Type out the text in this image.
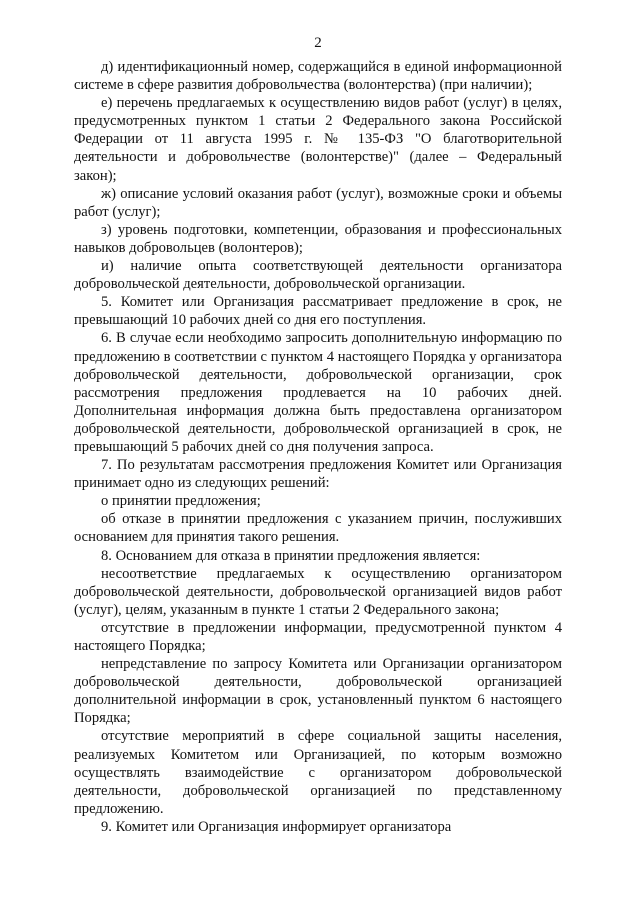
2

д) идентификационный номер, содержащийся в единой информационной системе в сфере развития добровольчества (волонтерства) (при наличии);

е) перечень предлагаемых к осуществлению видов работ (услуг) в целях, предусмотренных пунктом 1 статьи 2 Федерального закона Российской Федерации от 11 августа 1995 г. № 135-ФЗ "О благотворительной деятельности и добровольчестве (волонтерстве)" (далее – Федеральный закон);

ж) описание условий оказания работ (услуг), возможные сроки и объемы работ (услуг);

з) уровень подготовки, компетенции, образования и профессиональных навыков добровольцев (волонтеров);

и) наличие опыта соответствующей деятельности организатора добровольческой деятельности, добровольческой организации.

5. Комитет или Организация рассматривает предложение в срок, не превышающий 10 рабочих дней со дня его поступления.

6. В случае если необходимо запросить дополнительную информацию по предложению в соответствии с пунктом 4 настоящего Порядка у организатора добровольческой деятельности, добровольческой организации, срок рассмотрения предложения продлевается на 10 рабочих дней. Дополнительная информация должна быть предоставлена организатором добровольческой деятельности, добровольческой организацией в срок, не превышающий 5 рабочих дней со дня получения запроса.

7. По результатам рассмотрения предложения Комитет или Организация принимает одно из следующих решений:

о принятии предложения;

об отказе в принятии предложения с указанием причин, послуживших основанием для принятия такого решения.

8. Основанием для отказа в принятии предложения является:

несоответствие предлагаемых к осуществлению организатором добровольческой деятельности, добровольческой организацией видов работ (услуг), целям, указанным в пункте 1 статьи 2 Федерального закона;

отсутствие в предложении информации, предусмотренной пунктом 4 настоящего Порядка;

непредставление по запросу Комитета или Организации организатором добровольческой деятельности, добровольческой организацией дополнительной информации в срок, установленный пунктом 6 настоящего Порядка;

отсутствие мероприятий в сфере социальной защиты населения, реализуемых Комитетом или Организацией, по которым возможно осуществлять взаимодействие с организатором добровольческой деятельности, добровольческой организацией по представленному предложению.

9. Комитет или Организация информирует организатора
